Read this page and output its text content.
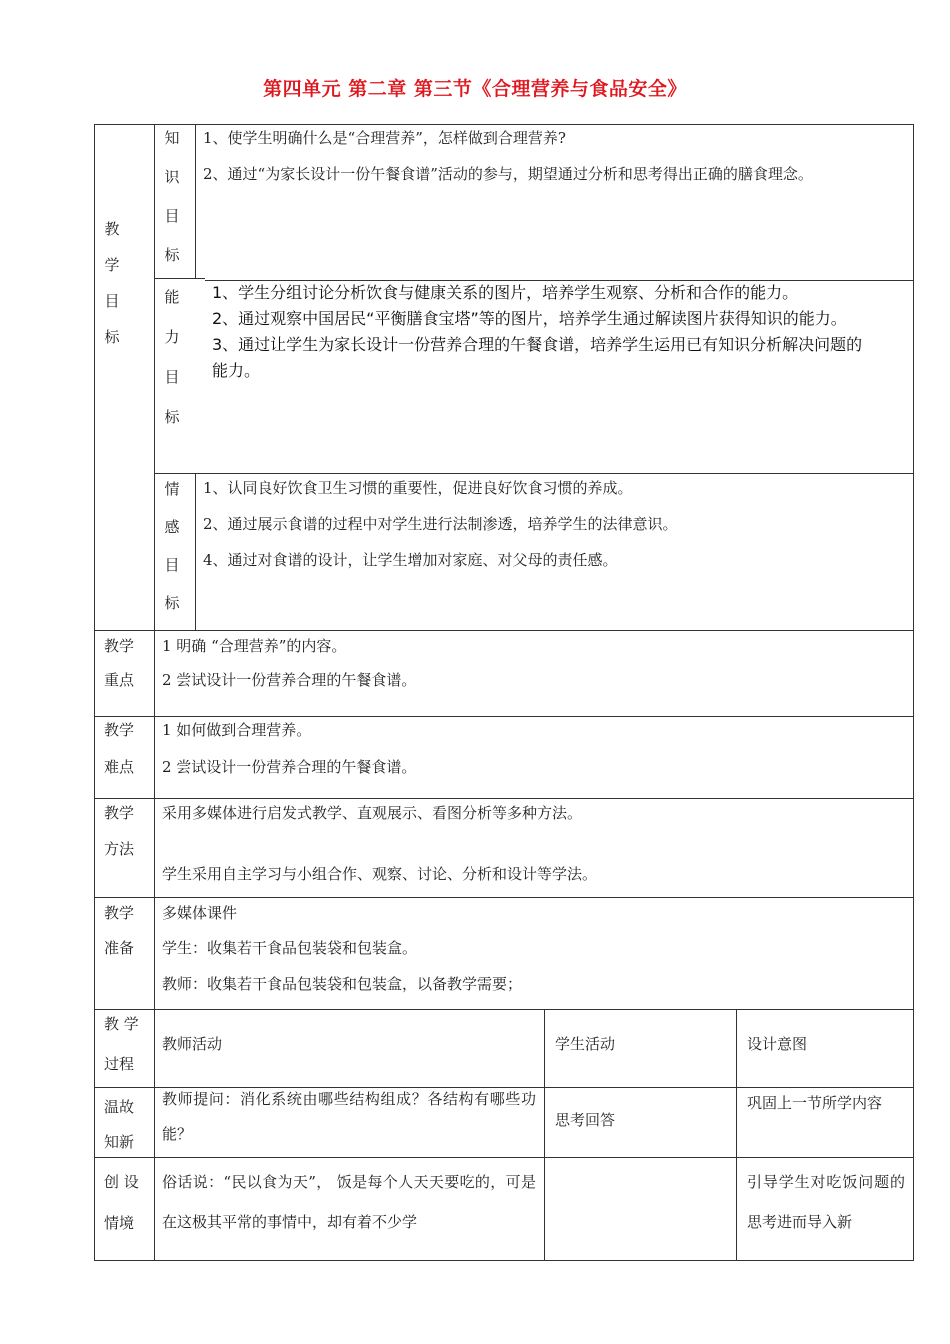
第四单元 第二章 第三节《合理营养与食品安全》
教
学
目
标
知
识
目
标
1、使学生明确什么是“合理营养”，怎样做到合理营养?
2、通过“为家长设计一份午餐食谱”活动的参与，期望通过分析和思考得出正确的膳食理念。
能
力
目
标
1、学生分组讨论分析饮食与健康关系的图片，培养学生观察、分析和合作的能力。
2、通过观察中国居民“平衡膳食宝塔”等的图片，培养学生通过解读图片获得知识的能力。
3、通过让学生为家长设计一份营养合理的午餐食谱，培养学生运用已有知识分析解决问题的
能力。
情
感
目
标
1、认同良好饮食卫生习惯的重要性，促进良好饮食习惯的养成。
2、通过展示食谱的过程中对学生进行法制渗透，培养学生的法律意识。
4、通过对食谱的设计，让学生增加对家庭、对父母的责任感。
教学
重点
1 明确 “合理营养”的内容。
2 尝试设计一份营养合理的午餐食谱。
教学
难点
1 如何做到合理营养。
2 尝试设计一份营养合理的午餐食谱。
教学
方法
采用多媒体进行启发式教学、直观展示、看图分析等多种方法。
学生采用自主学习与小组合作、观察、讨论、分析和设计等学法。
教学
准备
多媒体课件
学生：收集若干食品包装袋和包装盒。
教师：收集若干食品包装袋和包装盒，以备教学需要；
教 学
过程
教师活动	学生活动	设计意图
温故
知新
教师提问：消化系统由哪些结构组成？各结构有哪些功能？
思考回答
巩固上一节所学内容
创 设
情境
俗话说：“民以食为天”， 饭是每个人天天要吃的，可是在这极其平常的事情中，却有着不少学
引导学生对吃饭问题的思考进而导入新
